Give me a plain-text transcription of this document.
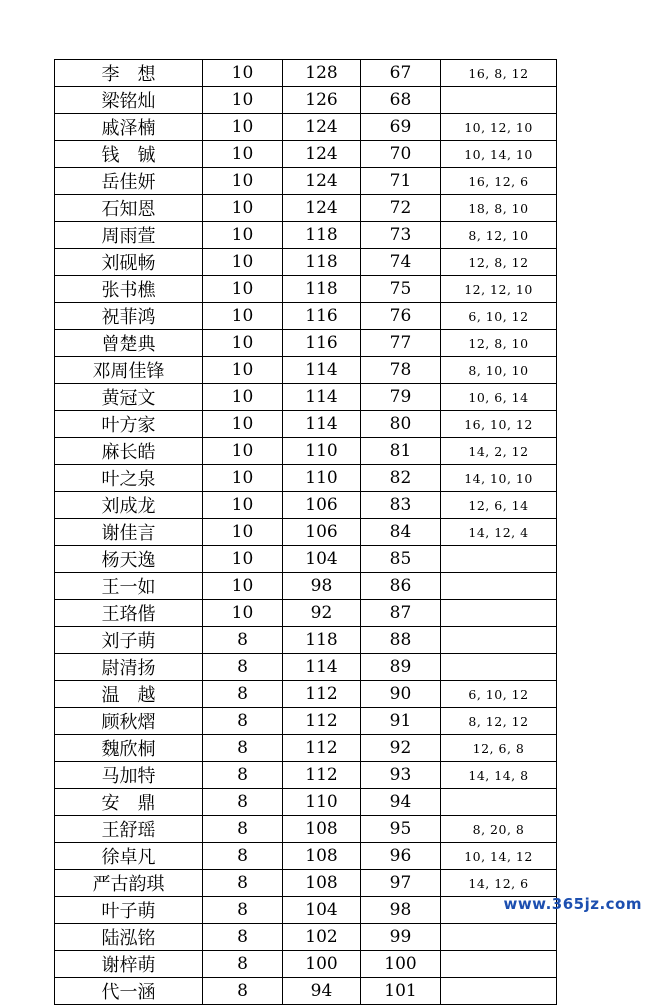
李　想	10	128	67	16, 8, 12
梁铭灿	10	126	68	
戚泽楠	10	124	69	10, 12, 10
钱　铖	10	124	70	10, 14, 10
岳佳妍	10	124	71	16, 12, 6
石知恩	10	124	72	18, 8, 10
周雨萱	10	118	73	8, 12, 10
刘砚畅	10	118	74	12, 8, 12
张书樵	10	118	75	12, 12, 10
祝菲鸿	10	116	76	6, 10, 12
曾楚典	10	116	77	12, 8, 10
邓周佳锋	10	114	78	8, 10, 10
黄冠文	10	114	79	10, 6, 14
叶方家	10	114	80	16, 10, 12
麻长皓	10	110	81	14, 2, 12
叶之泉	10	110	82	14, 10, 10
刘成龙	10	106	83	12, 6, 14
谢佳言	10	106	84	14, 12, 4
杨天逸	10	104	85	
王一如	10	98	86	
王珞偕	10	92	87	
刘子萌	8	118	88	
尉清扬	8	114	89	
温　越	8	112	90	6, 10, 12
顾秋熠	8	112	91	8, 12, 12
魏欣桐	8	112	92	12, 6, 8
马加特	8	112	93	14, 14, 8
安　鼎	8	110	94	
王舒瑶	8	108	95	8, 20, 8
徐卓凡	8	108	96	10, 14, 12
严古韵琪	8	108	97	14, 12, 6
叶子萌	8	104	98	
陆泓铭	8	102	99	
谢梓萌	8	100	100	
代一涵	8	94	101	
www.365jz.com
